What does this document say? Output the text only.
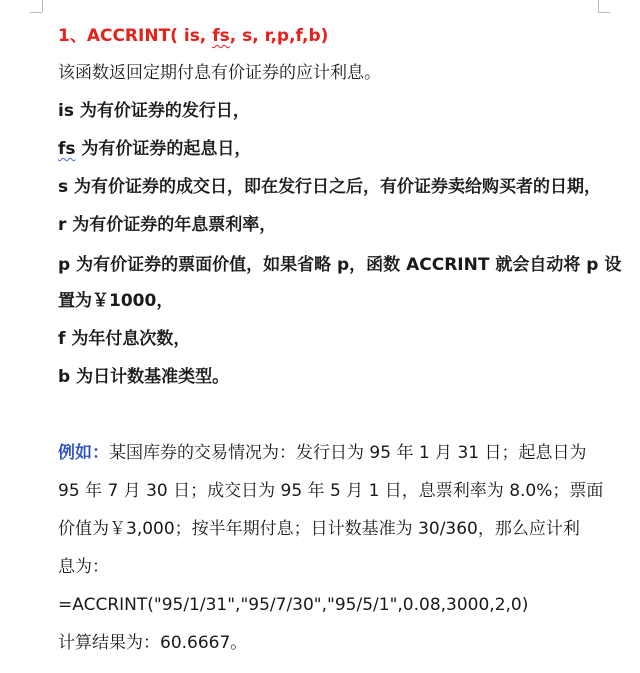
1、ACCRINT( is, fs, s, r,p,f,b)
该函数返回定期付息有价证券的应计利息。
is 为有价证券的发行日，
fs 为有价证券的起息日，
s 为有价证券的成交日，即在发行日之后，有价证券卖给购买者的日期，
r 为有价证券的年息票利率，
p 为有价证券的票面价值，如果省略 p，函数 ACCRINT 就会自动将 p 设
置为￥1000，
f 为年付息次数，
b 为日计数基准类型。
例如：某国库券的交易情况为：发行日为 95 年 1 月 31 日；起息日为
95 年 7 月 30 日；成交日为 95 年 5 月 1 日，息票利率为 8.0%；票面
价值为￥3,000；按半年期付息；日计数基准为 30/360，那么应计利
息为：
=ACCRINT("95/1/31","95/7/30","95/5/1",0.08,3000,2,0)
计算结果为：60.6667。
